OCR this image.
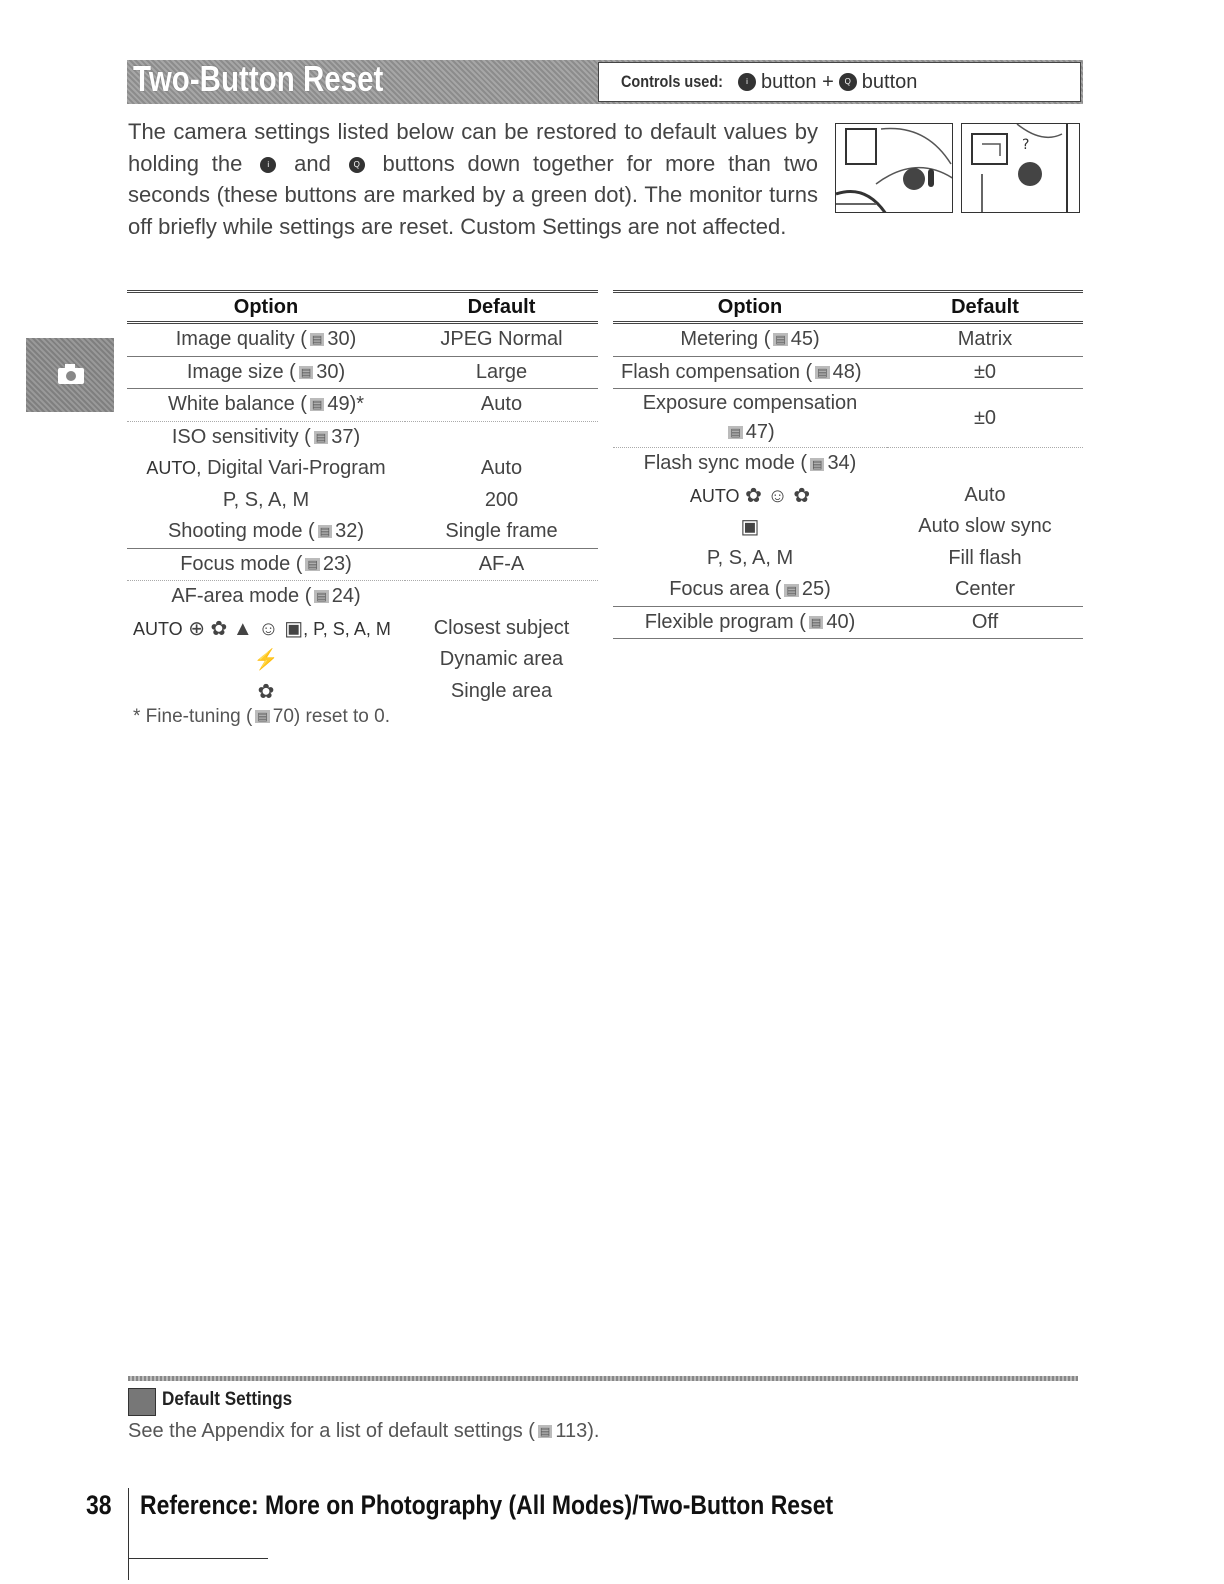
Two-Button Reset	Controls used:	i button +	Q button
The camera settings listed below can be restored to default values by holding the	i and	Q buttons down together for more than two seconds (these buttons are marked by a green dot). The monitor turns off briefly while settings are reset. Custom Settings are not affected.
?
Option	Default
Image quality ( ▤ 30)	JPEG Normal
Image size ( ▤ 30)	Large
White balance ( ▤ 49)*	Auto
ISO sensitivity ( ▤ 37)	
AUTO, Digital Vari-Program	Auto
P, S, A, M	200
Shooting mode ( ▤ 32)	Single frame
Focus mode ( ▤ 23)	AF-A
AF-area mode ( ▤ 24)	
AUTO ⊕ ✿ ▲ ☺ ▣, P, S, A, M	Closest subject
⚡	Dynamic area
✿	Single area
Option	Default
Metering ( ▤ 45)	Matrix
Flash compensation ( ▤ 48)	±0
Exposure compensation
▤ 47)	±0
Flash sync mode ( ▤ 34)	
AUTO ✿ ☺ ✿	Auto
▣	Auto slow sync
P, S, A, M	Fill flash
Focus area ( ▤ 25)	Center
Flexible program ( ▤ 40)	Off
* Fine-tuning ( ▤ 70) reset to 0.
Default Settings
See the Appendix for a list of default settings ( ▤ 113).
38 Reference: More on Photography (All Modes)/Two-Button Reset
